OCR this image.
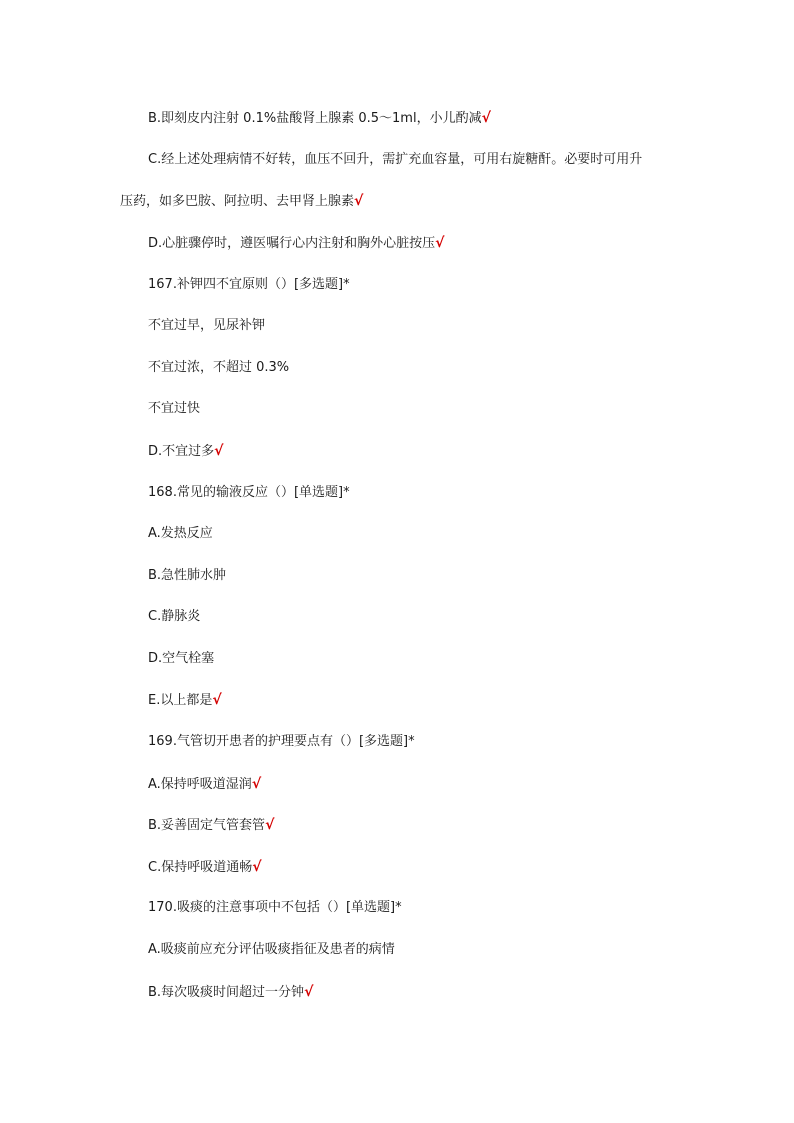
B.即刻皮内注射 0.1%盐酸肾上腺素 0.5～1ml，小儿酌减√
C.经上述处理病情不好转，血压不回升，需扩充血容量，可用右旋糖酐。必要时可用升
压药，如多巴胺、阿拉明、去甲肾上腺素√
D.心脏骤停时，遵医嘱行心内注射和胸外心脏按压√
167.补钾四不宜原则（）[多选题]*
不宜过早，见尿补钾
不宜过浓，不超过 0.3%
不宜过快
D.不宜过多√
168.常见的输液反应（）[单选题]*
A.发热反应
B.急性肺水肿
C.静脉炎
D.空气栓塞
E.以上都是√
169.气管切开患者的护理要点有（）[多选题]*
A.保持呼吸道湿润√
B.妥善固定气管套管√
C.保持呼吸道通畅√
170.吸痰的注意事项中不包括（）[单选题]*
A.吸痰前应充分评估吸痰指征及患者的病情
B.每次吸痰时间超过一分钟√
